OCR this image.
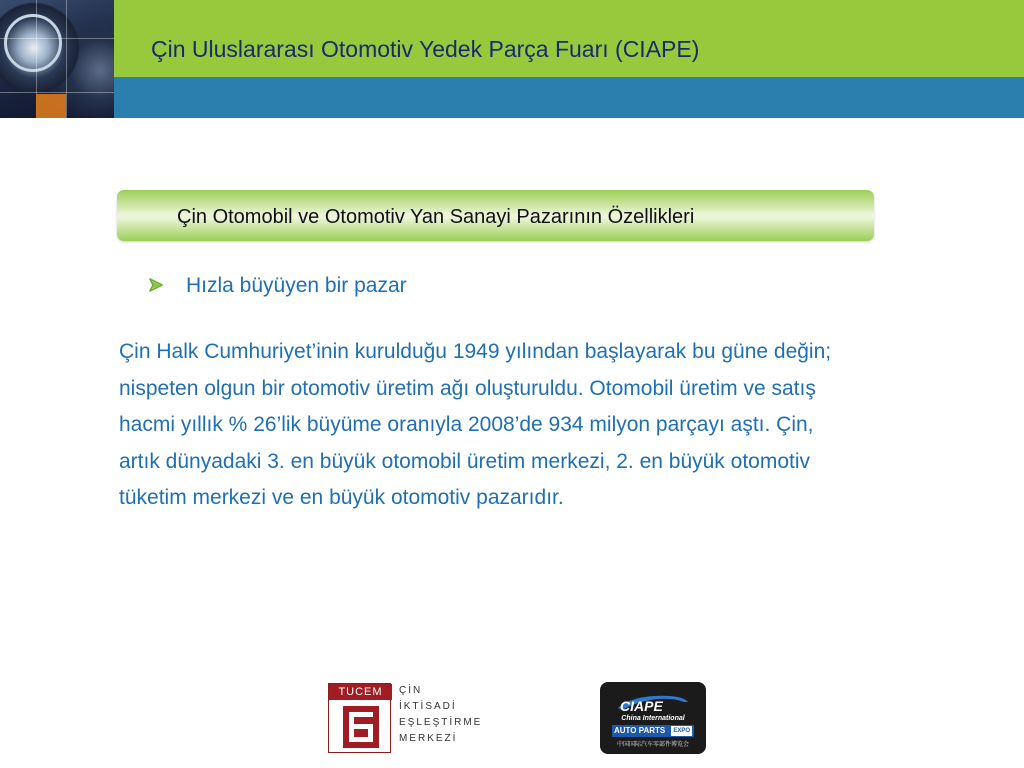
Çin Uluslararası Otomotiv Yedek Parça Fuarı (CIAPE)
Çin Otomobil ve Otomotiv Yan Sanayi Pazarının Özellikleri
Hızla büyüyen bir pazar
Çin Halk Cumhuriyet’inin kurulduğu 1949 yılından başlayarak bu güne değin;
nispeten olgun bir otomotiv üretim ağı oluşturuldu. Otomobil üretim ve satış
hacmi yıllık % 26’lik büyüme oranıyla 2008’de 934 milyon parçayı aştı. Çin,
artık dünyadaki 3. en büyük otomobil üretim merkezi, 2. en büyük otomotiv
tüketim merkezi ve en büyük otomotiv pazarıdır.
TUCEM	ÇİN
İKTİSADİ
EŞLEŞTİRME
MERKEZİ
CIAPE
China International
AUTO PARTS	EXPO
中国国际汽车零部件博览会
